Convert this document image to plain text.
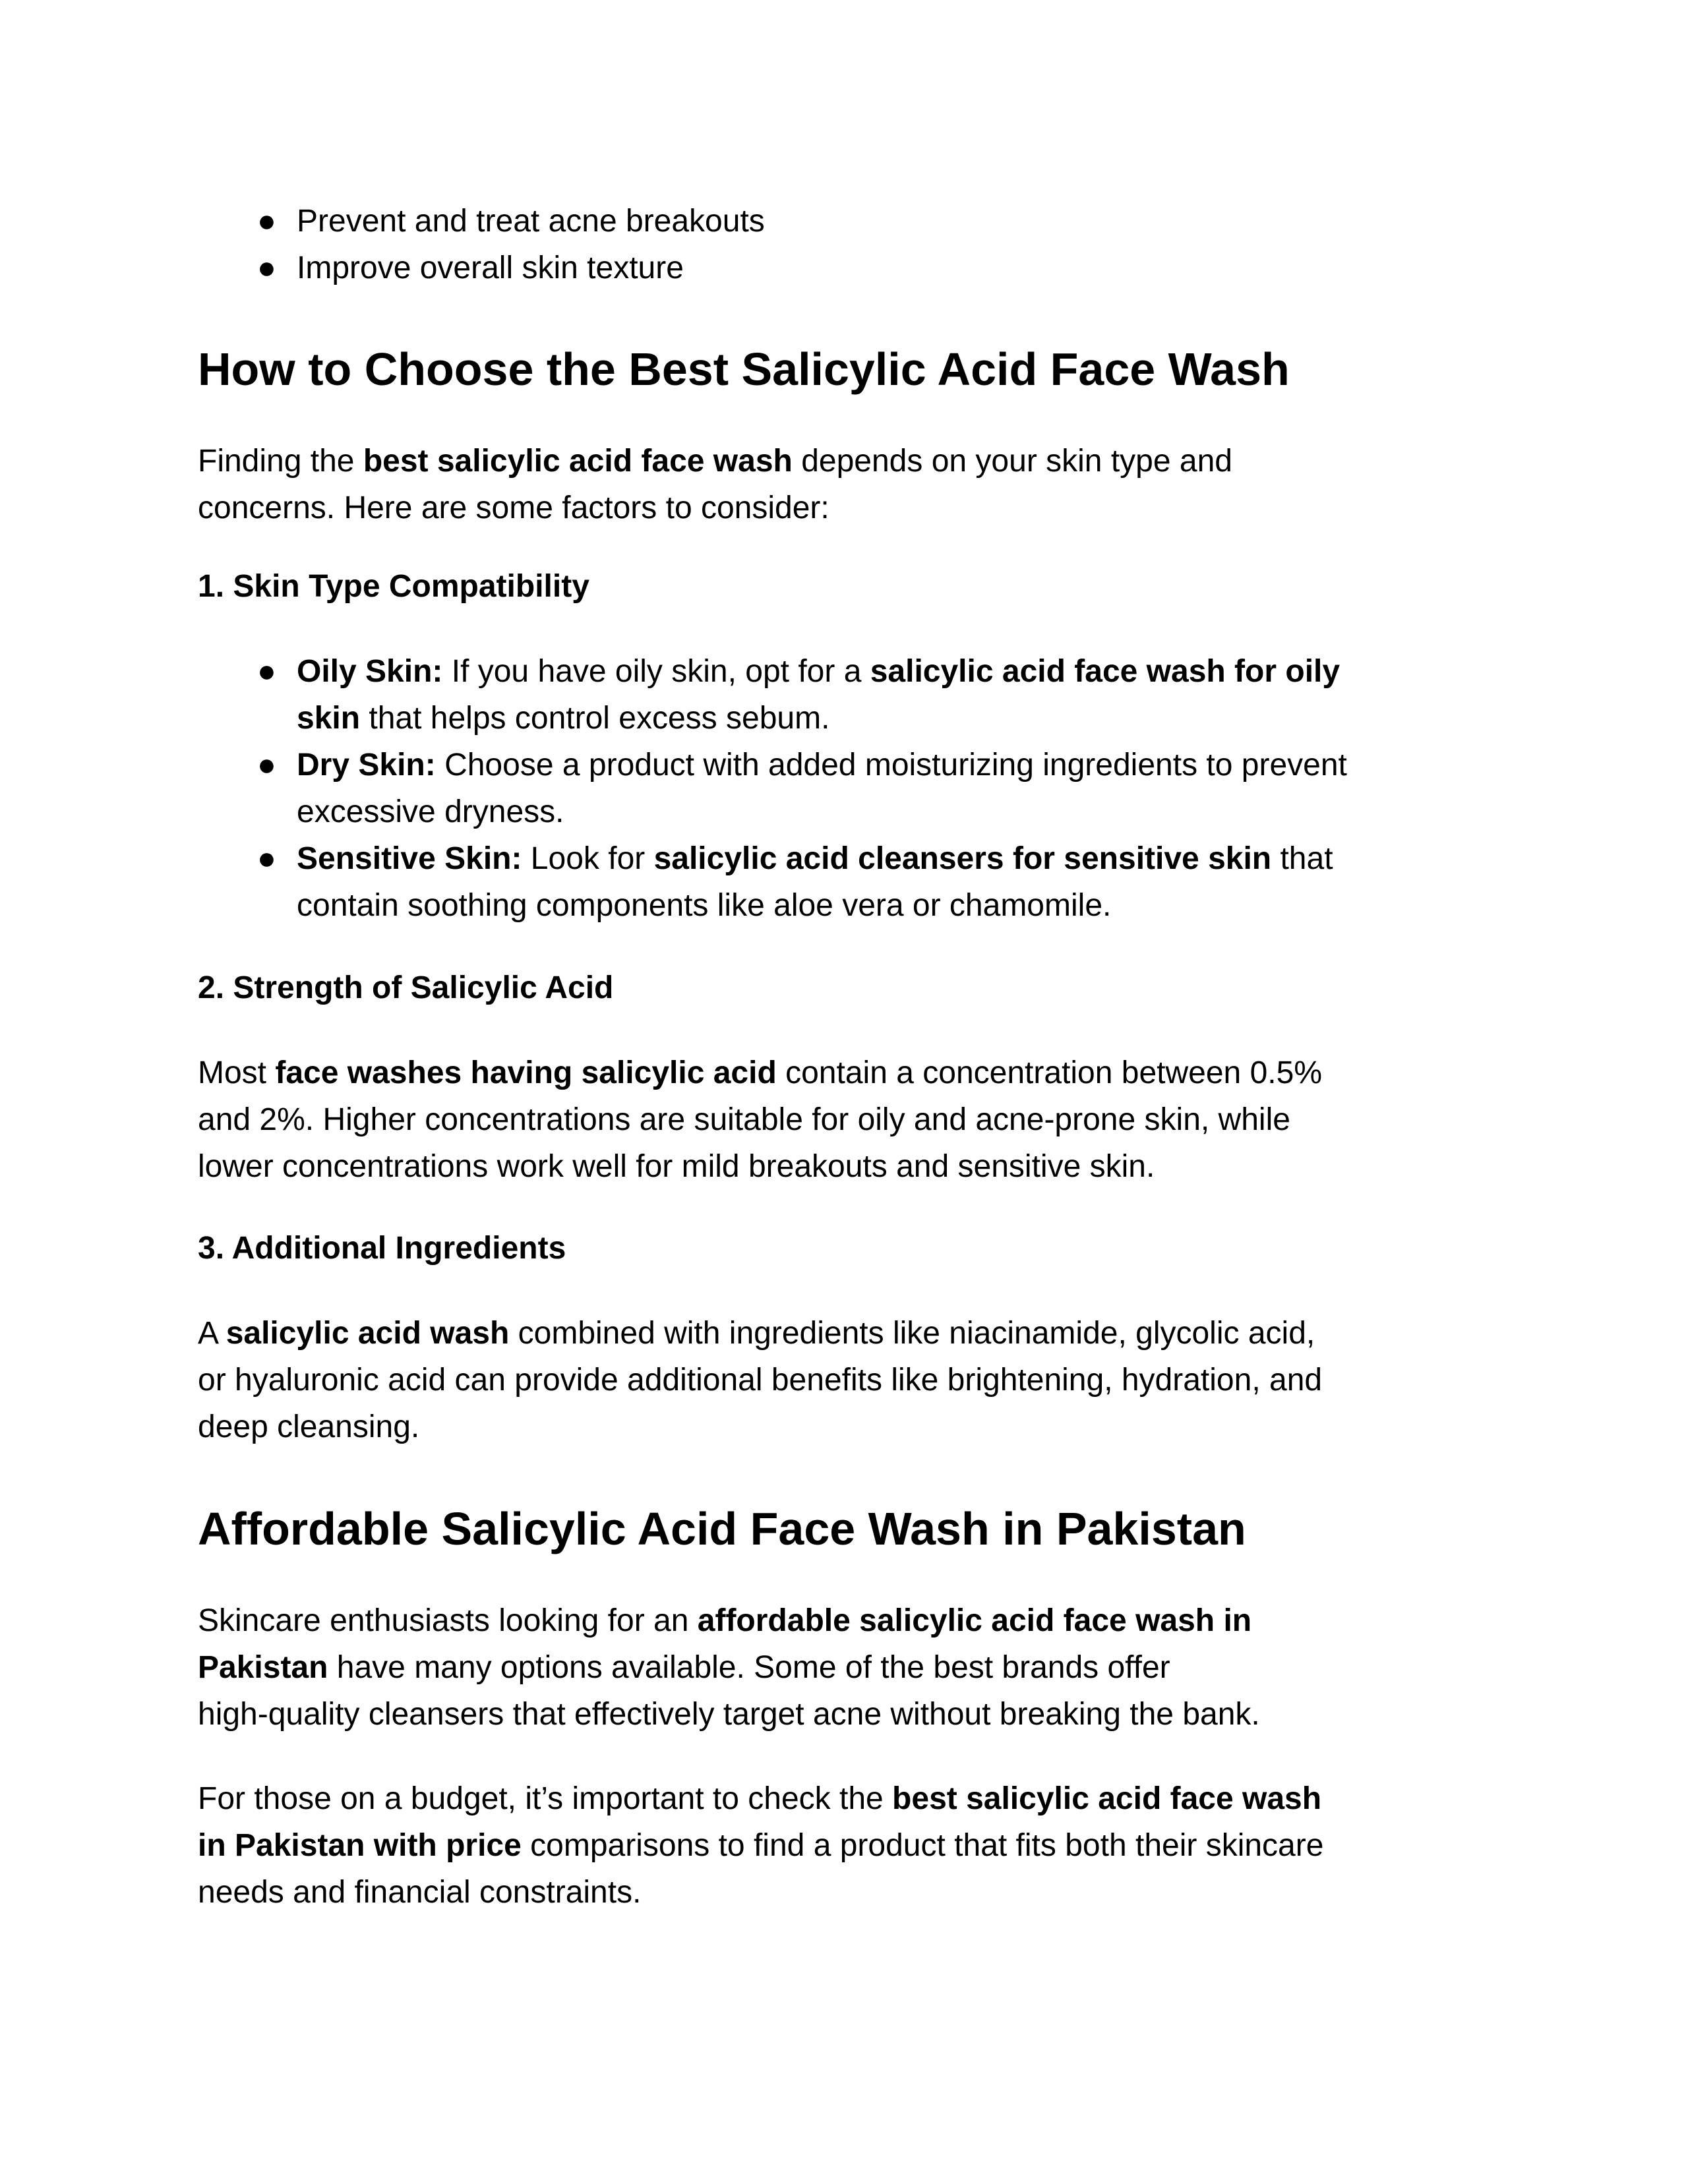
● Prevent and treat acne breakouts
● Improve overall skin texture
How to Choose the Best Salicylic Acid Face Wash

Finding the best salicylic acid face wash depends on your skin type and
concerns. Here are some factors to consider:

1. Skin Type Compatibility
● Oily Skin: If you have oily skin, opt for a salicylic acid face wash for oily
skin that helps control excess sebum.
● Dry Skin: Choose a product with added moisturizing ingredients to prevent
excessive dryness.
● Sensitive Skin: Look for salicylic acid cleansers for sensitive skin that
contain soothing components like aloe vera or chamomile.
2. Strength of Salicylic Acid

Most face washes having salicylic acid contain a concentration between 0.5%
and 2%. Higher concentrations are suitable for oily and acne-prone skin, while
lower concentrations work well for mild breakouts and sensitive skin.

3. Additional Ingredients

A salicylic acid wash combined with ingredients like niacinamide, glycolic acid,
or hyaluronic acid can provide additional benefits like brightening, hydration, and
deep cleansing.

Affordable Salicylic Acid Face Wash in Pakistan

Skincare enthusiasts looking for an affordable salicylic acid face wash in
Pakistan have many options available. Some of the best brands offer
high-quality cleansers that effectively target acne without breaking the bank.

For those on a budget, it’s important to check the best salicylic acid face wash
in Pakistan with price comparisons to find a product that fits both their skincare
needs and financial constraints.
